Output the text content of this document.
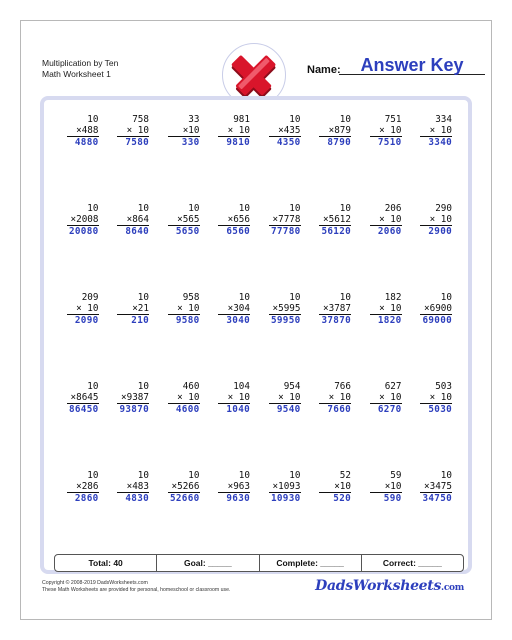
Multiplication by Ten
Math Worksheet 1	Name:	Answer Key
10
×488
4880
758
× 10
7580
33
×10
330
981
× 10
9810
10
×435
4350
10
×879
8790
751
× 10
7510
334
× 10
3340
10
×2008
20080
10
×864
8640
10
×565
5650
10
×656
6560
10
×7778
77780
10
×5612
56120
206
× 10
2060
290
× 10
2900
209
× 10
2090
10
×21
210
958
× 10
9580
10
×304
3040
10
×5995
59950
10
×3787
37870
182
× 10
1820
10
×6900
69000
10
×8645
86450
10
×9387
93870
460
× 10
4600
104
× 10
1040
954
× 10
9540
766
× 10
7660
627
× 10
6270
503
× 10
5030
10
×286
2860
10
×483
4830
10
×5266
52660
10
×963
9630
10
×1093
10930
52
×10
520
59
×10
590
10
×3475
34750
Total: 40	Goal: _____	Complete: _____	Correct: _____
Copyright © 2008-2019 DadsWorksheets.com
These Math Worksheets are provided for personal, homeschool or classroom use.	DadsWorksheets.com
